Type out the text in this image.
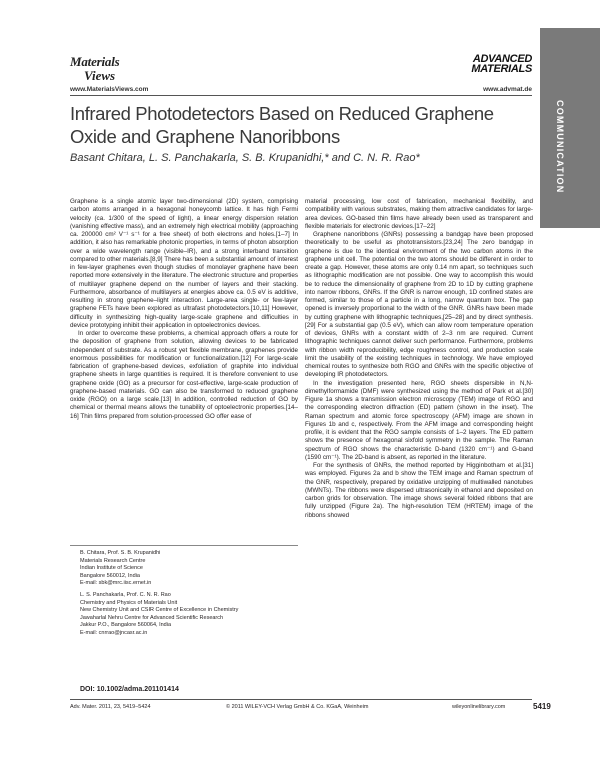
Materials
Views
www.MaterialsViews.com
ADVANCED
MATERIALS
www.advmat.de
COMMUNICATION
Infrared Photodetectors Based on Reduced Graphene Oxide and Graphene Nanoribbons
Basant Chitara, L. S. Panchakarla, S. B. Krupanidhi,* and C. N. R. Rao*

Graphene is a single atomic layer two-dimensional (2D) system, comprising carbon atoms arranged in a hexagonal honeycomb lattice. It has high Fermi velocity (ca. 1/300 of the speed of light), a linear energy dispersion relation (vanishing effective mass), and an extremely high electrical mobility (approaching ca. 200000 cm² V⁻¹ s⁻¹ for a free sheet) of both electrons and holes.[1–7] In addition, it also has remarkable photonic properties, in terms of photon absorption over a wide wavelength range (visible–IR), and a strong interband transition compared to other materials.[8,9] There has been a substantial amount of interest in few-layer graphenes even though studies of monolayer graphene have been reported more extensively in the literature. The electronic structure and properties of multilayer graphene depend on the number of layers and their stacking. Furthermore, absorbance of multilayers at energies above ca. 0.5 eV is additive, resulting in strong graphene–light interaction. Large-area single- or few-layer graphene FETs have been explored as ultrafast photodetectors.[10,11] However, difficulty in synthesizing high-quality large-scale graphene and difficulties in device prototyping inhibit their application in optoelectronics devices.

In order to overcome these problems, a chemical approach offers a route for the deposition of graphene from solution, allowing devices to be fabricated independent of substrate. As a robust yet flexible membrane, graphenes provide enormous possibilities for modification or functionalization.[12] For large-scale fabrication of graphene-based devices, exfoliation of graphite into individual graphene sheets in large quantities is required. It is therefore convenient to use graphene oxide (GO) as a precursor for cost-effective, large-scale production of graphene-based materials. GO can also be transformed to reduced graphene oxide (RGO) on a large scale.[13] In addition, controlled reduction of GO by chemical or thermal means allows the tunability of optoelectronic properties.[14–16] Thin films prepared from solution-processed GO offer ease of

material processing, low cost of fabrication, mechanical flexibility, and compatibility with various substrates, making them attractive candidates for large-area devices. GO-based thin films have already been used as transparent and flexible materials for electronic devices.[17–22]

Graphene nanoribbons (GNRs) possessing a bandgap have been proposed theoretically to be useful as phototransistors.[23,24] The zero bandgap in graphene is due to the identical environment of the two carbon atoms in the graphene unit cell. The potential on the two atoms should be different in order to create a gap. However, these atoms are only 0.14 nm apart, so techniques such as lithographic modification are not possible. One way to accomplish this would be to reduce the dimensionality of graphene from 2D to 1D by cutting graphene into narrow ribbons, GNRs. If the GNR is narrow enough, 1D confined states are formed, similar to those of a particle in a long, narrow quantum box. The gap opened is inversely proportional to the width of the GNR. GNRs have been made by cutting graphene with lithographic techniques,[25–28] and by direct synthesis.[29] For a substantial gap (0.5 eV), which can allow room temperature operation of devices, GNRs with a constant width of 2–3 nm are required. Current lithographic techniques cannot deliver such performance. Furthermore, problems with ribbon width reproducibility, edge roughness control, and production scale limit the usability of the existing techniques in technology. We have employed chemical routes to synthesize both RGO and GNRs with the specific objective of developing IR photodetectors.

In the investigation presented here, RGO sheets dispersible in N,N-dimethylformamide (DMF) were synthesized using the method of Park et al.[30] Figure 1a shows a transmission electron microscopy (TEM) image of RGO and the corresponding electron diffraction (ED) pattern (shown in the inset). The Raman spectrum and atomic force spectroscopy (AFM) image are shown in Figures 1b and c, respectively. From the AFM image and corresponding height profile, it is evident that the RGO sample consists of 1–2 layers. The ED pattern shows the presence of hexagonal sixfold symmetry in the sample. The Raman spectrum of RGO shows the characteristic D-band (1320 cm⁻¹) and G-band (1590 cm⁻¹). The 2D-band is absent, as reported in the literature.

For the synthesis of GNRs, the method reported by Higginbotham et al.[31] was employed. Figures 2a and b show the TEM image and Raman spectrum of the GNR, respectively, prepared by oxidative unzipping of multiwalled nanotubes (MWNTs). The ribbons were dispersed ultrasonically in ethanol and deposited on carbon grids for observation. The image shows several folded ribbons that are fully unzipped (Figure 2a). The high-resolution TEM (HRTEM) image of the ribbons showed

B. Chitara, Prof. S. B. Krupanidhi
Materials Research Centre
Indian Institute of Science
Bangalore 560012, India
E-mail: sbk@mrc.iisc.ernet.in
L. S. Panchakarla, Prof. C. N. R. Rao
Chemistry and Physics of Materials Unit
New Chemistry Unit and CSIR Centre of Excellence in Chemistry
Jawaharlal Nehru Centre for Advanced Scientific Research
Jakkur P.O., Bangalore 560064, India
E-mail: cnrrao@jncasr.ac.in
DOI: 10.1002/adma.201101414
Adv. Mater. 2011, 23, 5419–5424	© 2011 WILEY-VCH Verlag GmbH & Co. KGaA, Weinheim	wileyonlinelibrary.com	5419
